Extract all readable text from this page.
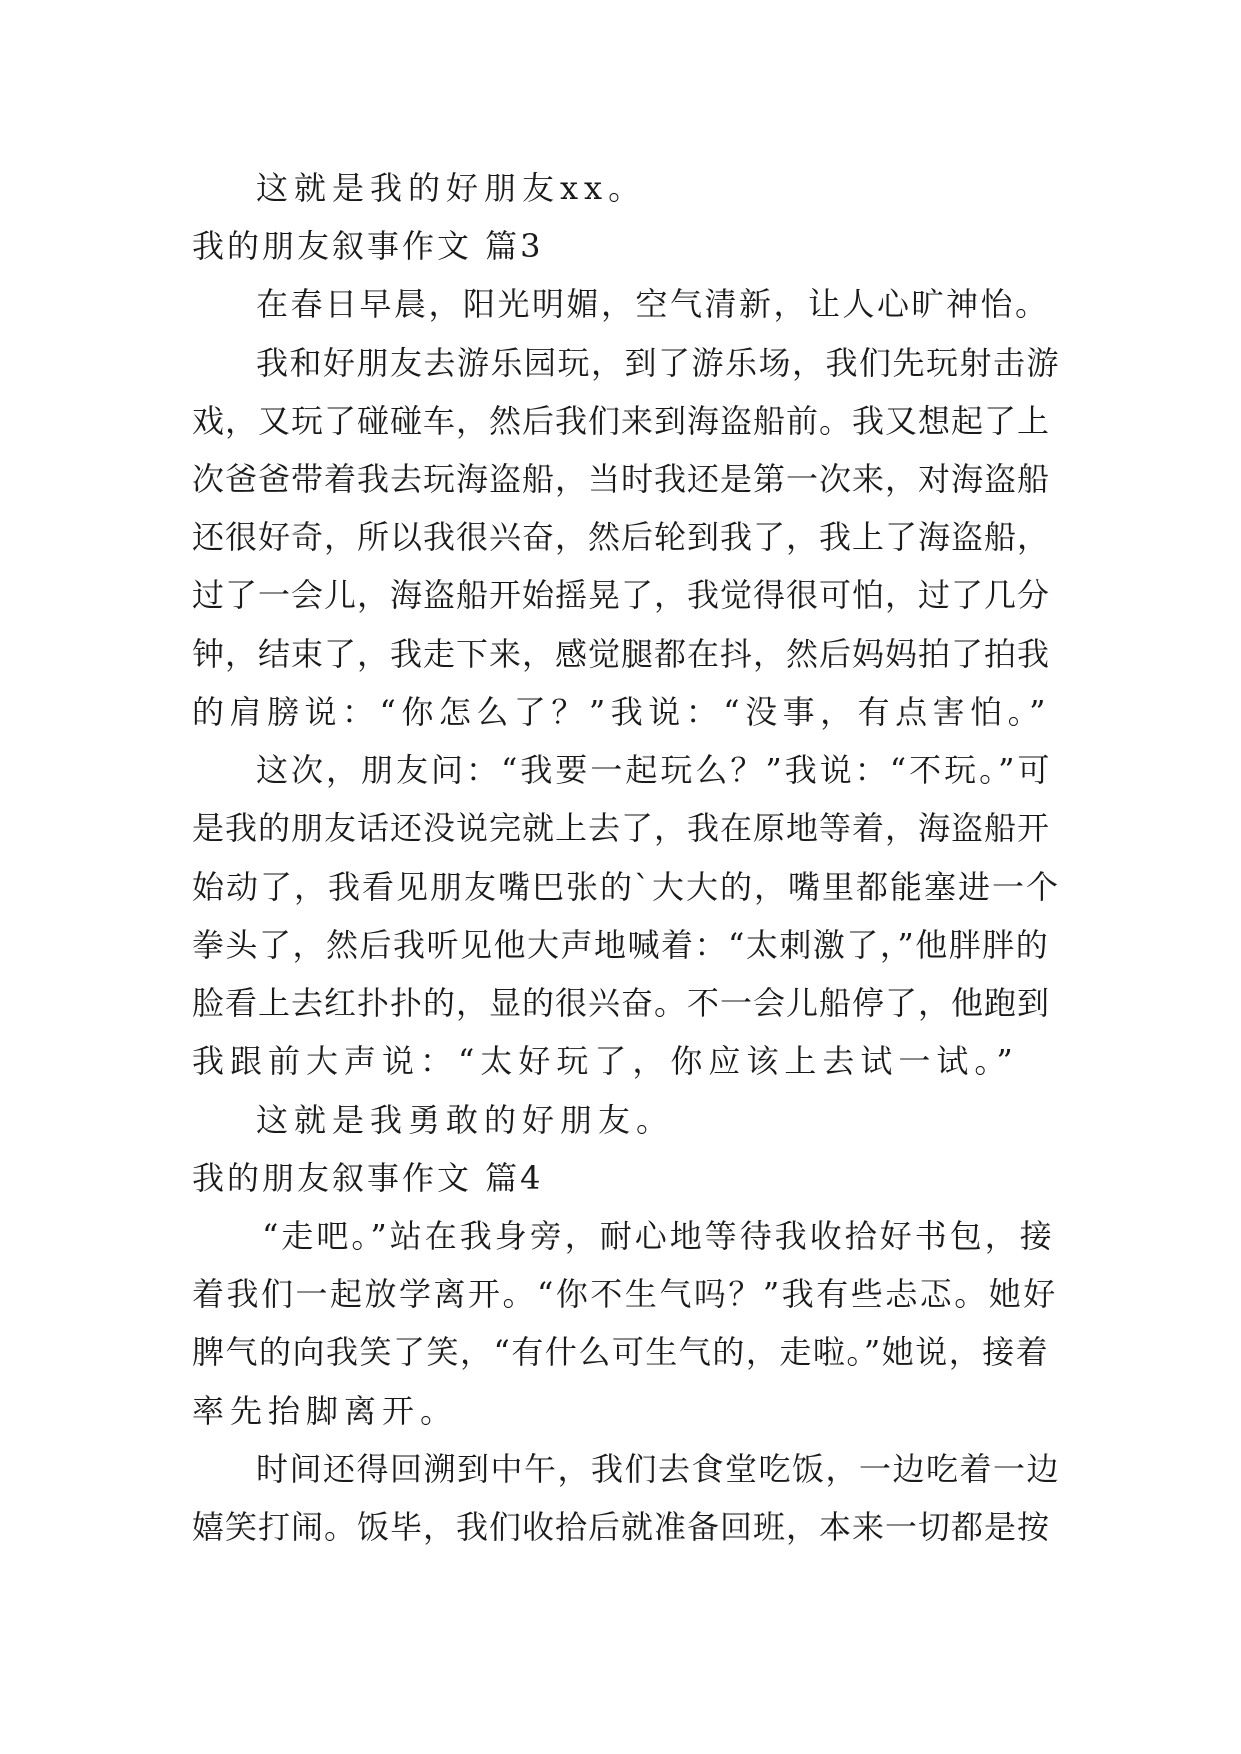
这就是我的好朋友xx。
我的朋友叙事作文 篇3
在春日早晨，阳光明媚，空气清新，让人心旷神怡。
我和好朋友去游乐园玩，到了游乐场，我们先玩射击游
戏，又玩了碰碰车，然后我们来到海盗船前。我又想起了上
次爸爸带着我去玩海盗船，当时我还是第一次来，对海盗船
还很好奇，所以我很兴奋，然后轮到我了，我上了海盗船，
过了一会儿，海盗船开始摇晃了，我觉得很可怕，过了几分
钟，结束了，我走下来，感觉腿都在抖，然后妈妈拍了拍我
的肩膀说：“你怎么了？”我说：“没事，有点害怕。”
这次，朋友问：“我要一起玩么？”我说：“不玩。”可
是我的朋友话还没说完就上去了，我在原地等着，海盗船开
始动了，我看见朋友嘴巴张的`大大的，嘴里都能塞进一个
拳头了，然后我听见他大声地喊着：“太刺激了，”他胖胖的
脸看上去红扑扑的，显的很兴奋。不一会儿船停了，他跑到
我跟前大声说：“太好玩了，你应该上去试一试。”
这就是我勇敢的好朋友。
我的朋友叙事作文 篇4
“走吧。”站在我身旁，耐心地等待我收拾好书包，接
着我们一起放学离开。“你不生气吗？”我有些忐忑。她好
脾气的向我笑了笑，“有什么可生气的，走啦。”她说，接着
率先抬脚离开。
时间还得回溯到中午，我们去食堂吃饭，一边吃着一边
嬉笑打闹。饭毕，我们收拾后就准备回班，本来一切都是按
